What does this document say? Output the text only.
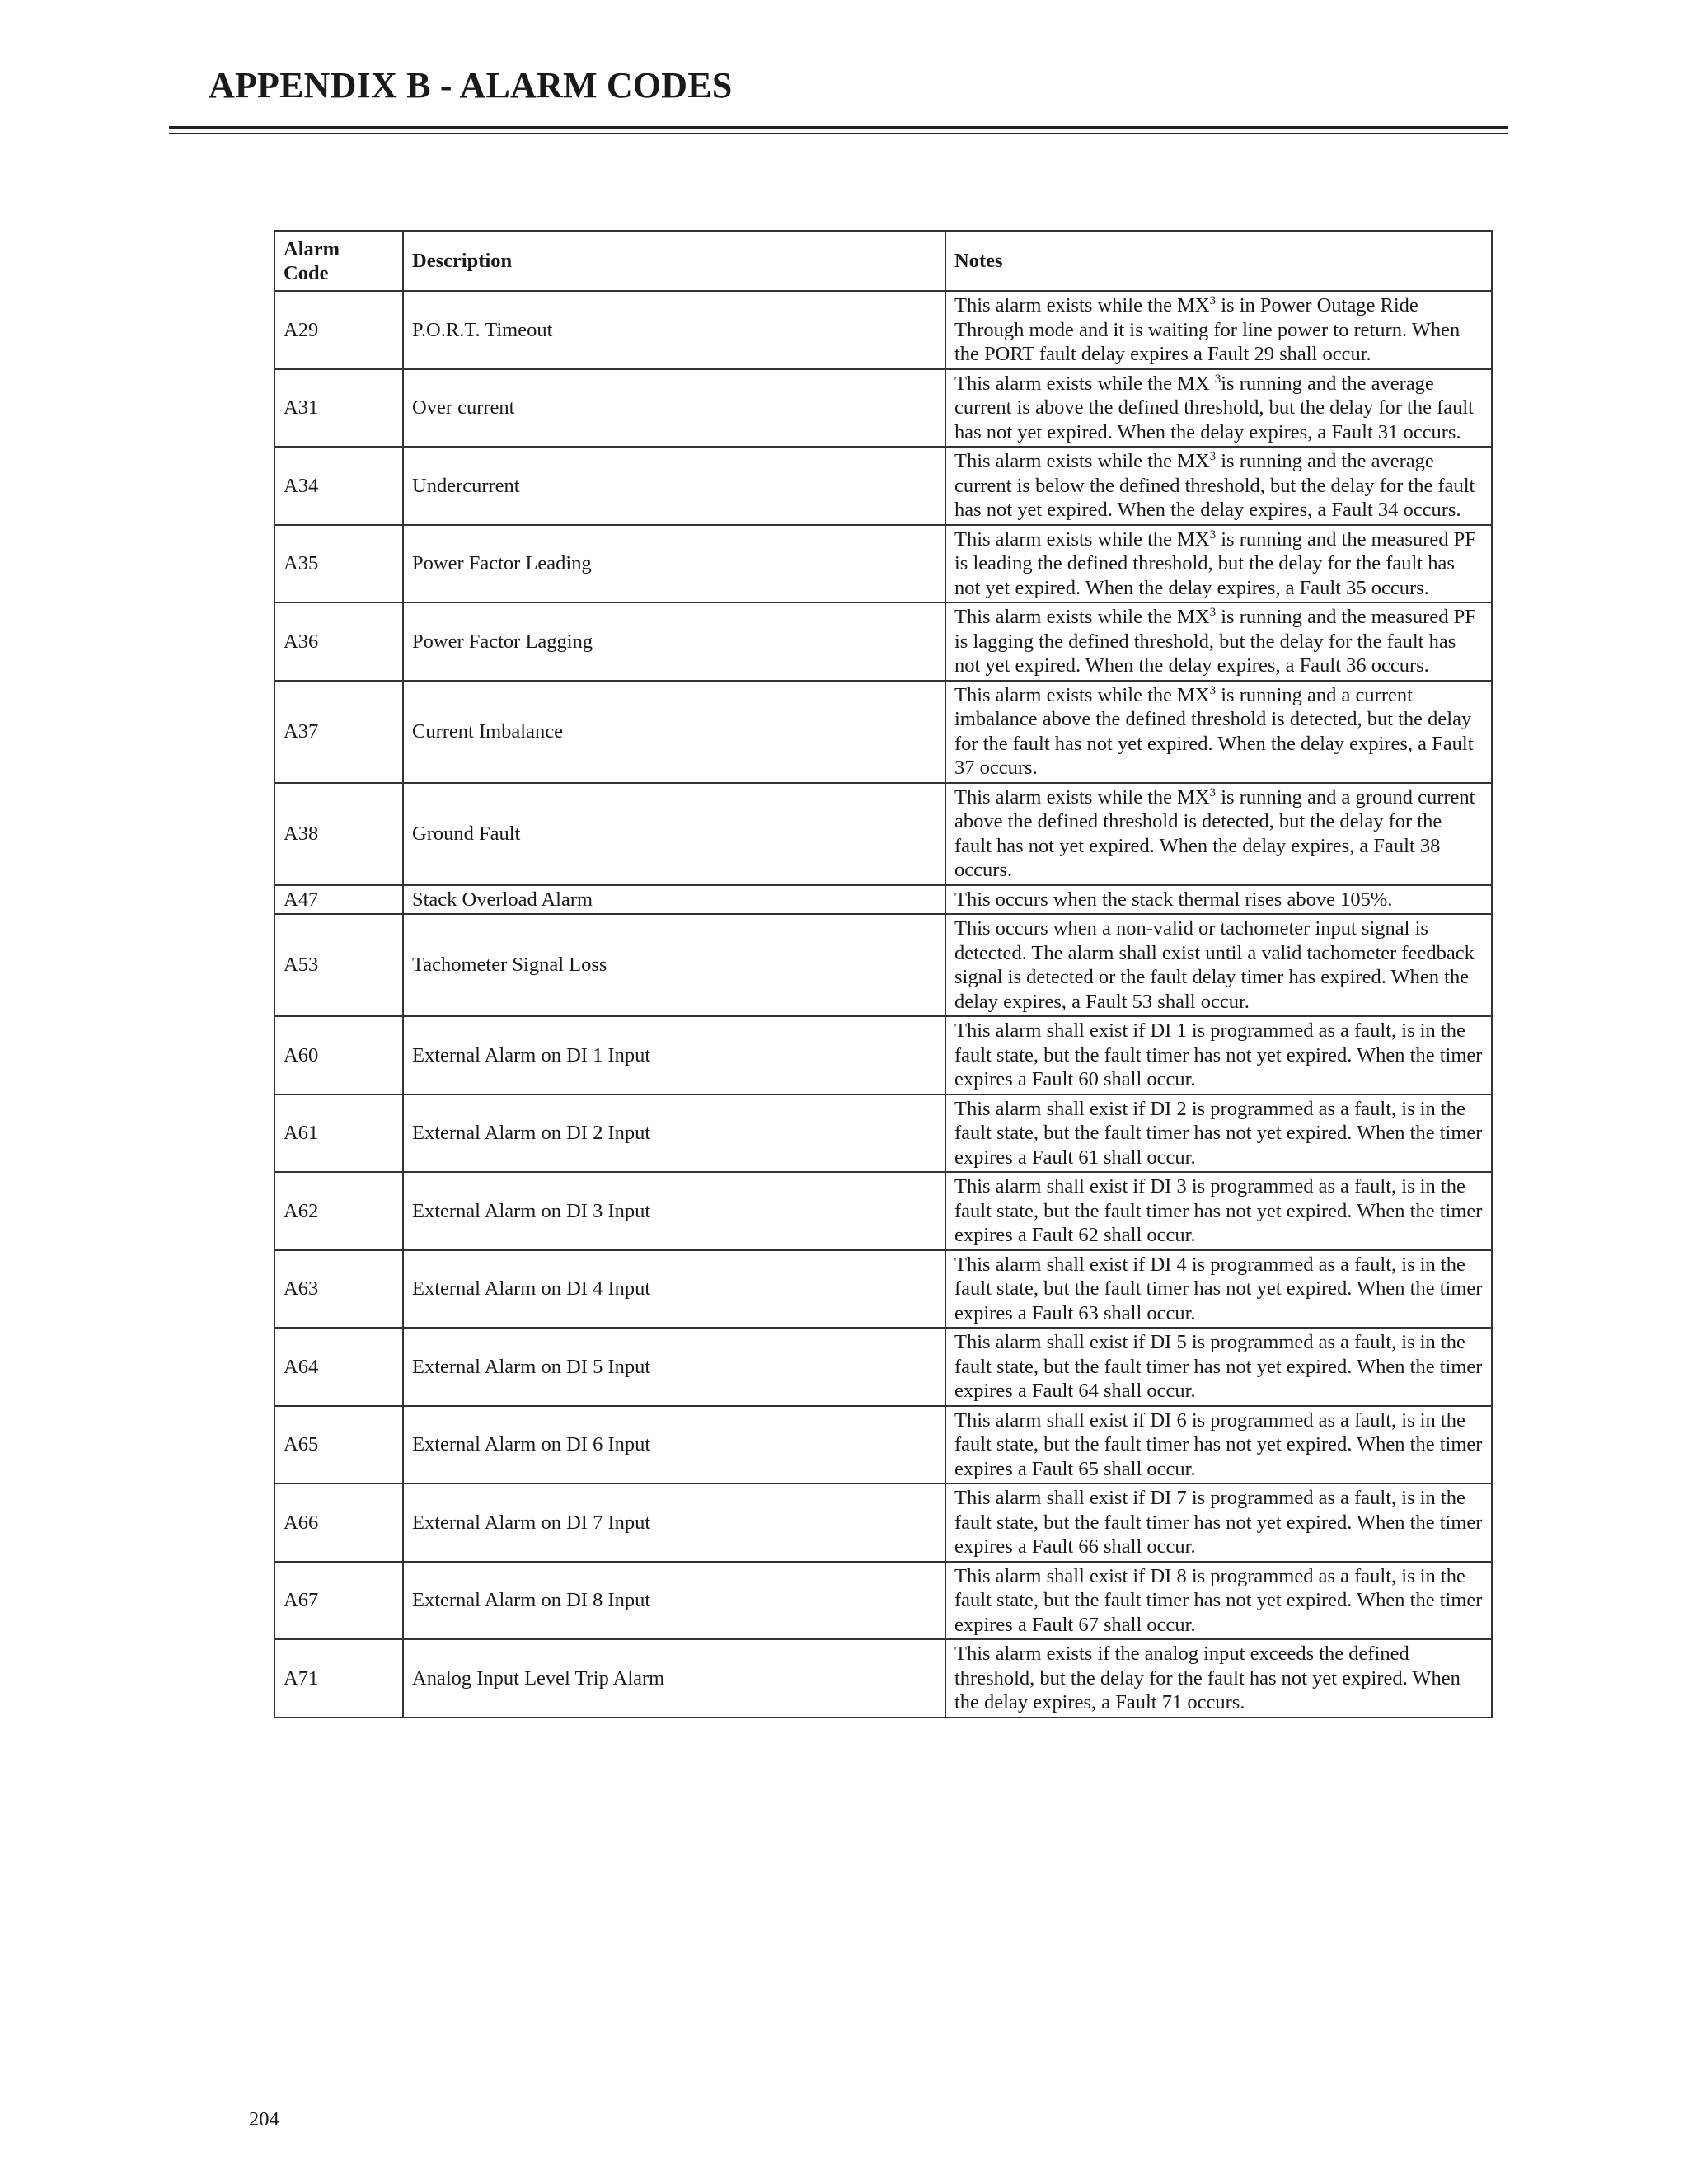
APPENDIX B - ALARM CODES
Alarm
Code	Description	Notes
A29	P.O.R.T. Timeout	This alarm exists while the $MX^3$ is in Power Outage Ride Through mode and it is waiting for line power to return. When the PORT fault delay expires a Fault 29 shall occur.
A31	Over current	This alarm exists while the MX $^3$is running and the average current is above the defined threshold, but the delay for the fault has not yet expired. When the delay expires, a Fault 31 occurs.
A34	Undercurrent	This alarm exists while the $MX^3$ is running and the average current is below the defined threshold, but the delay for the fault has not yet expired. When the delay expires, a Fault 34 occurs.
A35	Power Factor Leading	This alarm exists while the $MX^3$ is running and the measured PF is leading the defined threshold, but the delay for the fault has not yet expired. When the delay expires, a Fault 35 occurs.
A36	Power Factor Lagging	This alarm exists while the $MX^3$ is running and the measured PF is lagging the defined threshold, but the delay for the fault has not yet expired. When the delay expires, a Fault 36 occurs.
A37	Current Imbalance	This alarm exists while the $MX^3$ is running and a current imbalance above the defined threshold is detected, but the delay for the fault has not yet expired. When the delay expires, a Fault 37 occurs.
A38	Ground Fault	This alarm exists while the $MX^3$ is running and a ground current above the defined threshold is detected, but the delay for the fault has not yet expired. When the delay expires, a Fault 38 occurs.
A47	Stack Overload Alarm	This occurs when the stack thermal rises above 105%.
A53	Tachometer Signal Loss	This occurs when a non-valid or tachometer input signal is detected. The alarm shall exist until a valid tachometer feedback signal is detected or the fault delay timer has expired. When the delay expires, a Fault 53 shall occur.
A60	External Alarm on DI 1 Input	This alarm shall exist if DI 1 is programmed as a fault, is in the fault state, but the fault timer has not yet expired. When the timer expires a Fault 60 shall occur.
A61	External Alarm on DI 2 Input	This alarm shall exist if DI 2 is programmed as a fault, is in the fault state, but the fault timer has not yet expired. When the timer expires a Fault 61 shall occur.
A62	External Alarm on DI 3 Input	This alarm shall exist if DI 3 is programmed as a fault, is in the fault state, but the fault timer has not yet expired. When the timer expires a Fault 62 shall occur.
A63	External Alarm on DI 4 Input	This alarm shall exist if DI 4 is programmed as a fault, is in the fault state, but the fault timer has not yet expired. When the timer expires a Fault 63 shall occur.
A64	External Alarm on DI 5 Input	This alarm shall exist if DI 5 is programmed as a fault, is in the fault state, but the fault timer has not yet expired. When the timer expires a Fault 64 shall occur.
A65	External Alarm on DI 6 Input	This alarm shall exist if DI 6 is programmed as a fault, is in the fault state, but the fault timer has not yet expired. When the timer expires a Fault 65 shall occur.
A66	External Alarm on DI 7 Input	This alarm shall exist if DI 7 is programmed as a fault, is in the fault state, but the fault timer has not yet expired. When the timer expires a Fault 66 shall occur.
A67	External Alarm on DI 8 Input	This alarm shall exist if DI 8 is programmed as a fault, is in the fault state, but the fault timer has not yet expired. When the timer expires a Fault 67 shall occur.
A71	Analog Input Level Trip Alarm	This alarm exists if the analog input exceeds the defined threshold, but the delay for the fault has not yet expired. When the delay expires, a Fault 71 occurs.
204
